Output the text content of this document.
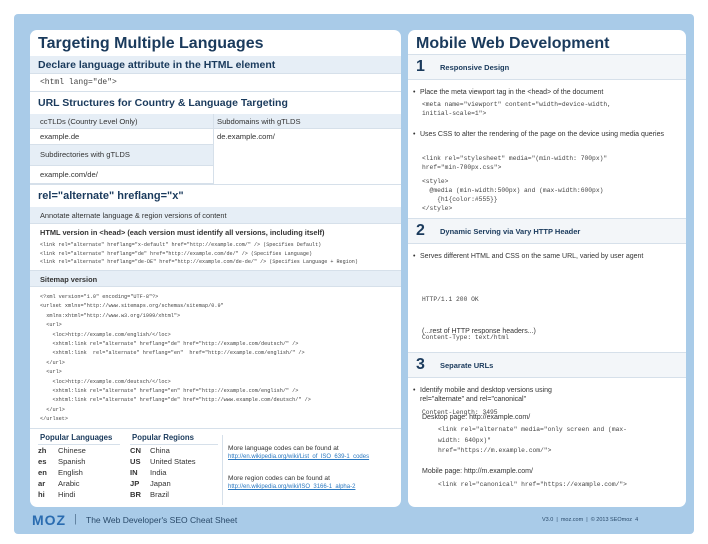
Targeting Multiple Languages
Declare language attribute in the HTML element
<html lang="de">
URL Structures for Country & Language Targeting
ccTLDs (Country Level Only)	Subdomains with gTLDS
example.de	de.example.com/
Subdirectories with gTLDS
example.com/de/
rel="alternate" hreflang="x"
Annotate alternate language & region versions of content
HTML version in <head> (each version must identify all versions, including itself)
<link rel="alternate" hreflang="x-default" href="http://example.com/" /> (Specifies Default)
<link rel="alternate" hreflang="de" href="http://example.com/de/" /> (Specifies Language)
<link rel="alternate" hreflang="de-DE" href="http://example.com/de-de/" /> (Specifies Language + Region)
Sitemap version
<?xml version="1.0" encoding="UTF-8"?>
<urlset xmlns="http://www.sitemaps.org/schemas/sitemap/0.9"
xmlns:xhtml="http://www.w3.org/1999/xhtml">
<url>
<loc>http://example.com/english/</loc>
<xhtml:link rel="alternate" hreflang="de" href="http://example.com/deutsch/" />
<xhtml:link  rel="alternate" hreflang="en"  href="http://example.com/english/" />
</url>
<url>
<loc>http://example.com/deutsch/</loc>
<xhtml:link rel="alternate" hreflang="en" href="http://example.com/english/" />
<xhtml:link rel="alternate" hreflang="de" href="http://www.example.com/deutsch/" />
</url>
</urlset>
Popular Languages
zh	Chinese
es	Spanish
en	English
ar	Arabic
hi	Hindi
Popular Regions
CN	China
US	United States
IN	India
JP	Japan
BR	Brazil
More language codes can be found at
http://en.wikipedia.org/wiki/List_of_ISO_639-1_codes
More region codes can be found at
http://en.wikipedia.org/wiki/ISO_3166-1_alpha-2
Mobile Web Development
1 Responsive Design
• Place the meta viewport tag in the <head> of the document
<meta name="viewport" content="width=device-width,
initial-scale=1">
• Uses CSS to alter the rendering of the page on the device using media queries
<link rel="stylesheet" media="(min-width: 700px)"
href="min-700px.css">
<style>
@media (min-width:500px) and (max-width:600px)
{h1{color:#555}}
</style>
2 Dynamic Serving via Vary HTTP Header
• Serves different HTML and CSS on the same URL, varied by user agent

HTTP/1.1 200 OK

Content-Type: text/html

Content-Length: 3495

(...rest of HTTP response headers...)
3 Separate URLs
• Identify mobile and desktop versions using rel="alternate" and rel="canonical"
Desktop page: http://example.com/
<link rel="alternate" media="only screen and (max-
width: 640px)"
href="https://m.example.com/">
Mobile page: http://m.example.com/
<link rel="canonical" href="https://example.com/">
MOZ | The Web Developer's SEO Cheat Sheet	V3.0  |  moz.com  |  © 2013 SEOmoz  4
